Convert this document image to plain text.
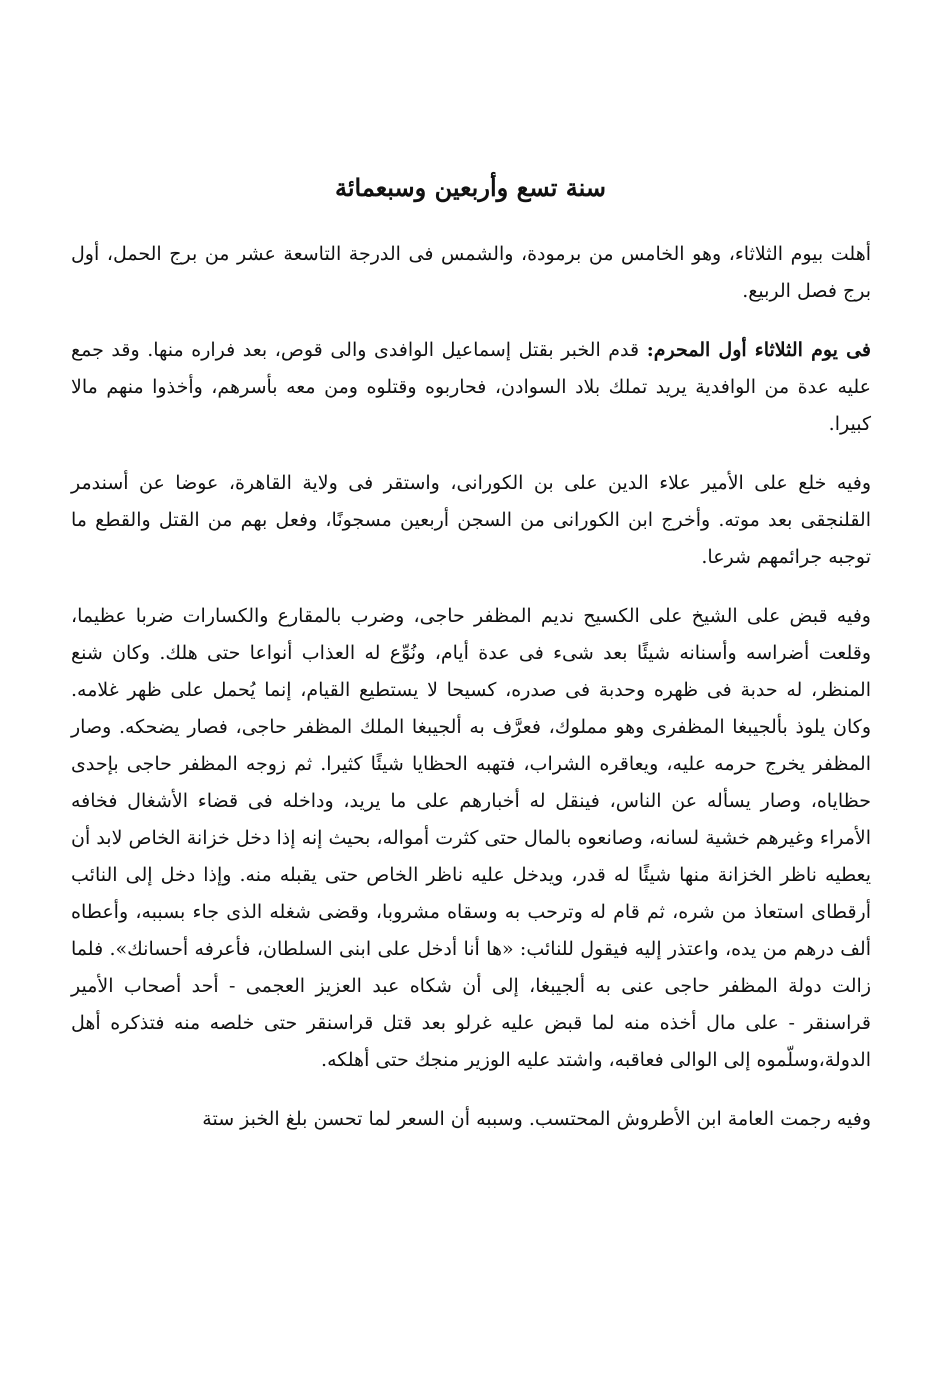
سنة تسع وأربعين وسبعمائة

أهلت بيوم الثلاثاء، وهو الخامس من برمودة، والشمس فى الدرجة التاسعة عشر من برج الحمل، أول برج فصل الربيع.

فى يوم الثلاثاء أول المحرم: قدم الخبر بقتل إسماعيل الوافدى والى قوص، بعد فراره منها. وقد جمع عليه عدة من الوافدية يريد تملك بلاد السوادن، فحاربوه وقتلوه ومن معه بأسرهم، وأخذوا منهم مالا كبيرا.

وفيه خلع على الأمير علاء الدين على بن الكورانى، واستقر فى ولاية القاهرة، عوضا عن أسندمر القلنجقى بعد موته. وأخرج ابن الكورانى من السجن أربعين مسجونًا، وفعل بهم من القتل والقطع ما توجبه جرائمهم شرعا.

وفيه قبض على الشيخ على الكسيح نديم المظفر حاجى، وضرب بالمقارع والكسارات ضربا عظيما، وقلعت أضراسه وأسنانه شيئًا بعد شىء فى عدة أيام، ونُوِّع له العذاب أنواعا حتى هلك. وكان شنع المنظر، له حدبة فى ظهره وحدبة فى صدره، كسيحا لا يستطيع القيام، إنما يُحمل على ظهر غلامه. وكان يلوذ بألجيبغا المظفرى وهو مملوك، فعرَّف به ألجيبغا الملك المظفر حاجى، فصار يضحكه. وصار المظفر يخرج حرمه عليه، ويعاقره الشراب، فتهبه الحظايا شيئًا كثيرا. ثم زوجه المظفر حاجى بإحدى حظاياه، وصار يسأله عن الناس، فينقل له أخبارهم على ما يريد، وداخله فى قضاء الأشغال فخافه الأمراء وغيرهم خشية لسانه، وصانعوه بالمال حتى كثرت أمواله، بحيث إنه إذا دخل خزانة الخاص لابد أن يعطيه ناظر الخزانة منها شيئًا له قدر، ويدخل عليه ناظر الخاص حتى يقبله منه. وإذا دخل إلى النائب أرقطاى استعاذ من شره، ثم قام له وترحب به وسقاه مشروبا، وقضى شغله الذى جاء بسببه، وأعطاه ألف درهم من يده، واعتذر إليه فيقول للنائب: «ها أنا أدخل على ابنى السلطان، فأعرفه أحسانك». فلما زالت دولة المظفر حاجى عنى به ألجيبغا، إلى أن شكاه عبد العزيز العجمى - أحد أصحاب الأمير قراسنقر - على مال أخذه منه لما قبض عليه غرلو بعد قتل قراسنقر حتى خلصه منه فتذكره أهل الدولة،وسلّموه إلى الوالى فعاقبه، واشتد عليه الوزير منجك حتى أهلكه.

وفيه رجمت العامة ابن الأطروش المحتسب. وسببه أن السعر لما تحسن بلغ الخبز ستة
